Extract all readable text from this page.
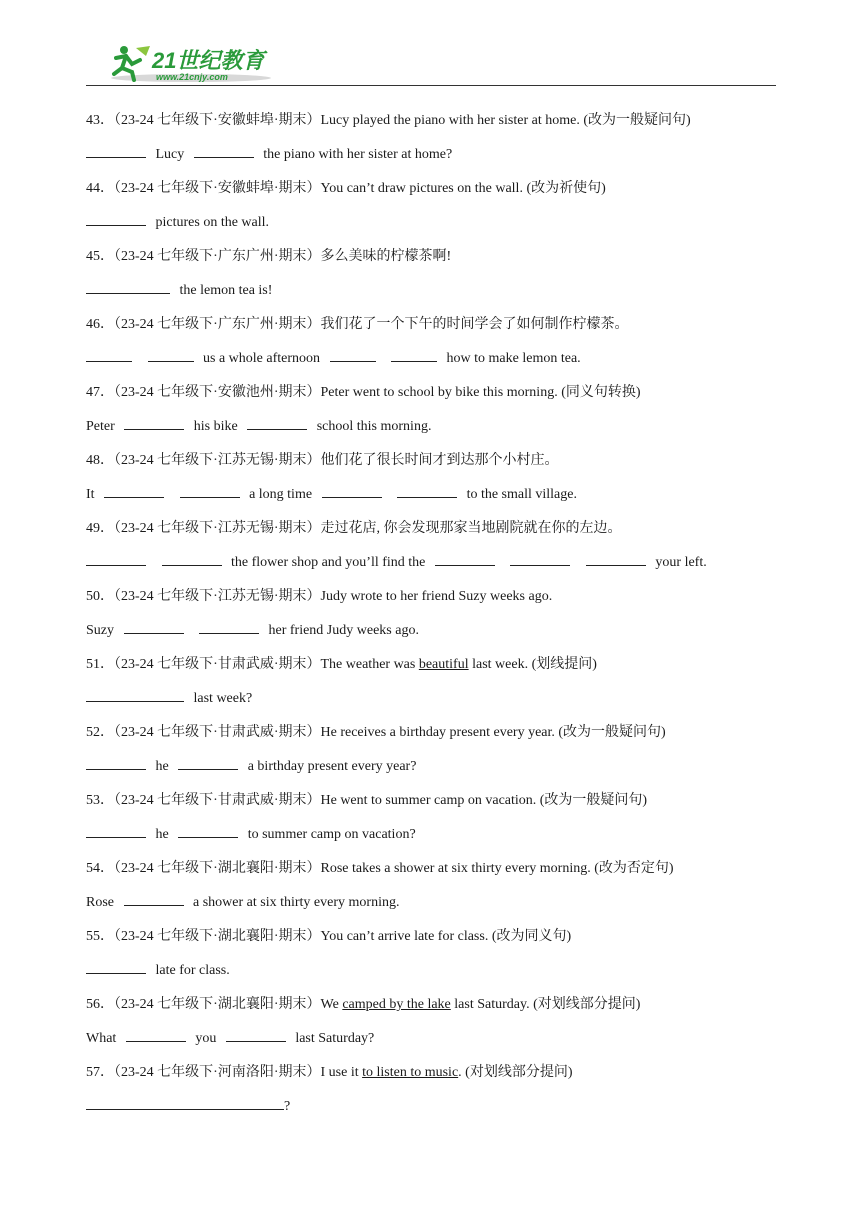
21世纪教育
www.21cnjy.com
43．（23-24 七年级下·安徽蚌埠·期末）Lucy played the piano with her sister at home. (改为一般疑问句)
Lucy	the piano with her sister at home?
44．（23-24 七年级下·安徽蚌埠·期末）You can’t draw pictures on the wall. (改为祈使句)
pictures on the wall.
45．（23-24 七年级下·广东广州·期末）多么美味的柠檬茶啊!
the lemon tea is!
46．（23-24 七年级下·广东广州·期末）我们花了一个下午的时间学会了如何制作柠檬茶。
us a whole afternoon	how to make lemon tea.
47．（23-24 七年级下·安徽池州·期末）Peter went to school by bike this morning. (同义句转换)
Peter	his bike	school this morning.
48．（23-24 七年级下·江苏无锡·期末）他们花了很长时间才到达那个小村庄。
It	a long time	to the small village.
49．（23-24 七年级下·江苏无锡·期末）走过花店, 你会发现那家当地剧院就在你的左边。
the flower shop and you’ll find the	your left.
50．（23-24 七年级下·江苏无锡·期末）Judy wrote to her friend Suzy weeks ago.
Suzy	her friend Judy weeks ago.
51．（23-24 七年级下·甘肃武威·期末）The weather was beautiful last week. (划线提问)
last week?
52．（23-24 七年级下·甘肃武威·期末）He receives a birthday present every year. (改为一般疑问句)
he	a birthday present every year?
53．（23-24 七年级下·甘肃武威·期末）He went to summer camp on vacation. (改为一般疑问句)
he	to summer camp on vacation?
54．（23-24 七年级下·湖北襄阳·期末）Rose takes a shower at six thirty every morning. (改为否定句)
Rose	a shower at six thirty every morning.
55．（23-24 七年级下·湖北襄阳·期末）You can’t arrive late for class. (改为同义句)
late for class.
56．（23-24 七年级下·湖北襄阳·期末）We camped by the lake last Saturday. (对划线部分提问)
What	you	last Saturday?
57．（23-24 七年级下·河南洛阳·期末）I use it to listen to music. (对划线部分提问)
?
